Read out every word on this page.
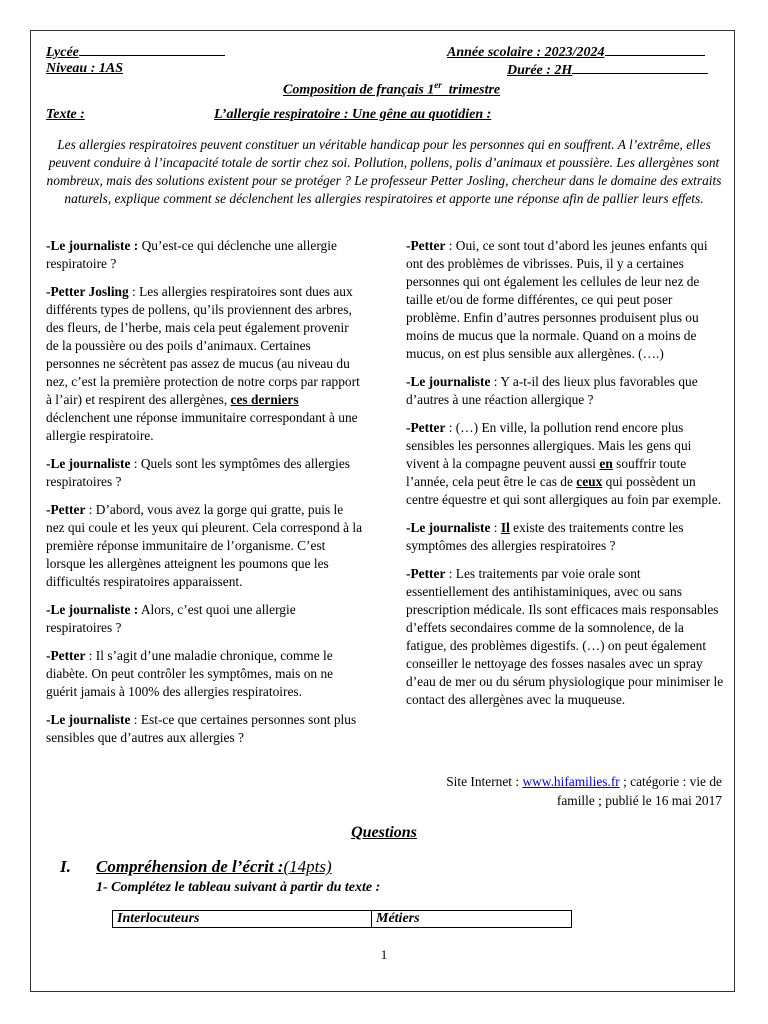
Lycée	Année scolaire : 2023/2024
Niveau : 1AS	Durée : 2H
Composition de français 1er trimestre
Texte :	L’allergie respiratoire : Une gêne au quotidien :
Les allergies respiratoires peuvent constituer un véritable handicap pour les personnes qui en souffrent. A l’extrême, elles peuvent conduire à l’incapacité totale de sortir chez soi. Pollution, pollens, polis d’animaux et poussière. Les allergènes sont nombreux, mais des solutions existent pour se protéger ? Le professeur Petter Josling, chercheur dans le domaine des extraits naturels, explique comment se déclenchent les allergies respiratoires et apporte une réponse afin de pallier leurs effets.

-Le journaliste : Qu’est-ce qui déclenche une allergie respiratoire ?

-Petter Josling : Les allergies respiratoires sont dues aux différents types de pollens, qu’ils proviennent des arbres, des fleurs, de l’herbe, mais cela peut également provenir de la poussière ou des poils d’animaux. Certaines personnes ne sécrètent pas assez de mucus (au niveau du nez, c’est la première protection de notre corps par rapport à l’air) et respirent des allergènes, ces derniers déclenchent une réponse immunitaire correspondant à une allergie respiratoire.

-Le journaliste : Quels sont les symptômes des allergies respiratoires ?

-Petter : D’abord, vous avez la gorge qui gratte, puis le nez qui coule et les yeux qui pleurent. Cela correspond à la première réponse immunitaire de l’organisme. C’est lorsque les allergènes atteignent les poumons que les difficultés respiratoires apparaissent.

-Le journaliste : Alors, c’est quoi une allergie respiratoires ?

-Petter : Il s’agit d’une maladie chronique, comme le diabète. On peut contrôler les symptômes, mais on ne guérit jamais à 100% des allergies respiratoires.

-Le journaliste : Est-ce que certaines personnes sont plus sensibles que d’autres aux allergies ?

-Petter : Oui, ce sont tout d’abord les jeunes enfants qui ont des problèmes de vibrisses. Puis, il y a certaines personnes qui ont également les cellules de leur nez de taille et/ou de forme différentes, ce qui peut poser problème. Enfin d’autres personnes produisent plus ou moins de mucus que la normale. Quand on a moins de mucus, on est plus sensible aux allergènes. (….)

-Le journaliste : Y a-t-il des lieux plus favorables que d’autres à une réaction allergique ?

-Petter : (…) En ville, la pollution rend encore plus sensibles les personnes allergiques. Mais les gens qui vivent à la compagne peuvent aussi en souffrir toute l’année, cela peut être le cas de ceux qui possèdent un centre équestre et qui sont allergiques au foin par exemple.

-Le journaliste : Il existe des traitements contre les symptômes des allergies respiratoires ?

-Petter : Les traitements par voie orale sont essentiellement des antihistaminiques, avec ou sans prescription médicale. Ils sont efficaces mais responsables d’effets secondaires comme de la somnolence, de la fatigue, des problèmes digestifs. (…) on peut également conseiller le nettoyage des fosses nasales avec un spray d’eau de mer ou du sérum physiologique pour minimiser le contact des allergènes avec la muqueuse.

Site Internet : www.hifamilies.fr ; catégorie : vie de famille ; publié le 16 mai 2017
Questions
I. Compréhension de l’écrit :(14pts)
1- Complétez le tableau suivant à partir du texte :
Interlocuteurs	Métiers
1
